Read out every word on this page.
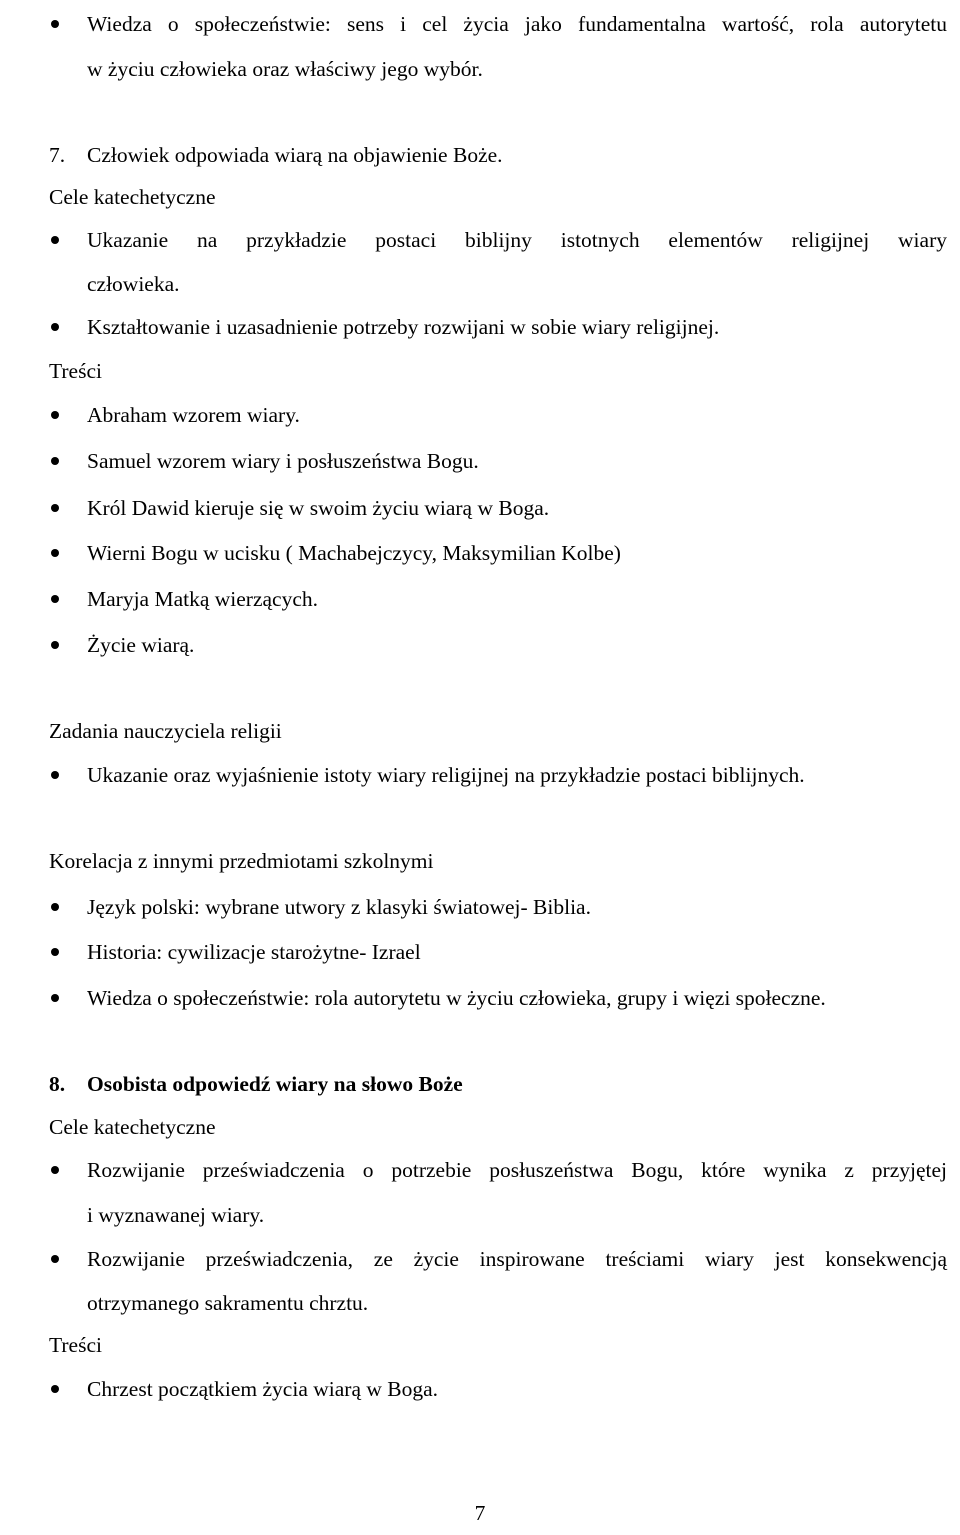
Wiedza o społeczeństwie: sens i cel życia jako fundamentalna wartość, rola autorytetu
w życiu człowieka oraz właściwy jego wybór.
7. Człowiek odpowiada wiarą na objawienie Boże.
Cele katechetyczne
Ukazanie na przykładzie postaci biblijny istotnych elementów religijnej wiary
człowieka.
Kształtowanie i uzasadnienie potrzeby rozwijani w sobie wiary religijnej.
Treści
Abraham wzorem wiary.
Samuel wzorem wiary i posłuszeństwa Bogu.
Król Dawid kieruje się w swoim życiu wiarą w Boga.
Wierni Bogu w ucisku ( Machabejczycy, Maksymilian Kolbe)
Maryja Matką wierzących.
Życie wiarą.
Zadania nauczyciela religii
Ukazanie oraz wyjaśnienie istoty wiary religijnej na przykładzie postaci biblijnych.
Korelacja z innymi przedmiotami szkolnymi
Język polski: wybrane utwory z klasyki światowej- Biblia.
Historia: cywilizacje starożytne- Izrael
Wiedza o społeczeństwie: rola autorytetu w życiu człowieka, grupy i więzi społeczne.
8. Osobista odpowiedź wiary na słowo Boże
Cele katechetyczne
Rozwijanie przeświadczenia o potrzebie posłuszeństwa Bogu, które wynika z przyjętej
i wyznawanej wiary.
Rozwijanie przeświadczenia, ze życie inspirowane treściami wiary jest konsekwencją
otrzymanego sakramentu chrztu.
Treści
Chrzest początkiem życia wiarą w Boga.
7
